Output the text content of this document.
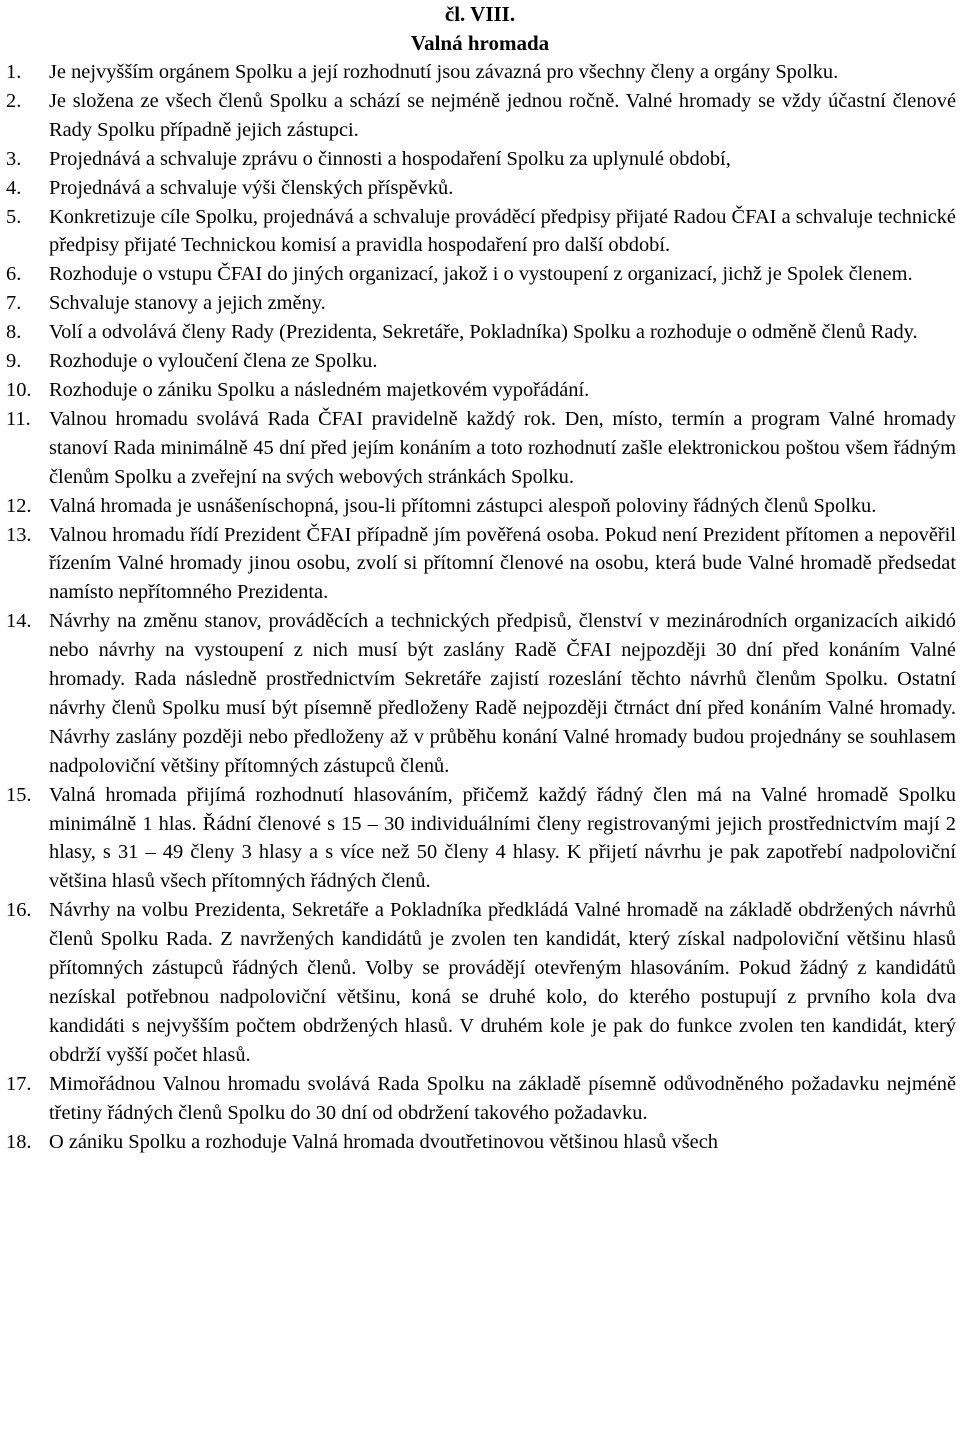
čl. VIII.

Valná hromada

1.	Je nejvyšším orgánem Spolku a její rozhodnutí jsou závazná pro všechny členy a orgány Spolku.
2.	Je složena ze všech členů Spolku a schází se nejméně jednou ročně. Valné hromady se vždy účastní členové Rady Spolku případně jejich zástupci.
3.	Projednává a schvaluje zprávu o činnosti a hospodaření Spolku za uplynulé období,
4.	Projednává a schvaluje výši členských příspěvků.
5.	Konkretizuje cíle Spolku, projednává a schvaluje prováděcí předpisy přijaté Radou ČFAI a schvaluje technické předpisy přijaté Technickou komisí a pravidla hospodaření pro další období.
6.	Rozhoduje o vstupu ČFAI do jiných organizací, jakož i o vystoupení z organizací, jichž je Spolek členem.
7.	Schvaluje stanovy a jejich změny.
8.	Volí a odvolává členy Rady (Prezidenta, Sekretáře, Pokladníka) Spolku a rozhoduje o odměně členů Rady.
9.	Rozhoduje o vyloučení člena ze Spolku.
10. Rozhoduje o zániku Spolku a následném majetkovém vypořádání.
11. Valnou hromadu svolává Rada ČFAI pravidelně každý rok. Den, místo, termín a program Valné hromady stanoví Rada minimálně 45 dní před jejím konáním a toto rozhodnutí zašle elektronickou poštou všem řádným členům Spolku a zveřejní na svých webových stránkách Spolku.
12. Valná hromada je usnášeníschopná, jsou-li přítomni zástupci alespoň poloviny řádných členů Spolku.
13. Valnou hromadu řídí Prezident ČFAI případně jím pověřená osoba. Pokud není Prezident přítomen a nepověřil řízením Valné hromady jinou osobu, zvolí si přítomní členové na osobu, která bude Valné hromadě předsedat namísto nepřítomného Prezidenta.
14. Návrhy na změnu stanov, prováděcích a technických předpisů, členství v mezinárodních organizacích aikidó nebo návrhy na vystoupení z nich musí být zaslány Radě ČFAI nejpozději 30 dní před konáním Valné hromady. Rada následně prostřednictvím Sekretáře zajistí rozeslání těchto návrhů členům Spolku. Ostatní návrhy členů Spolku musí být písemně předloženy Radě nejpozději čtrnáct dní před konáním Valné hromady. Návrhy zaslány později nebo předloženy až v průběhu konání Valné hromady budou projednány se souhlasem nadpoloviční většiny přítomných zástupců členů.
15. Valná hromada přijímá rozhodnutí hlasováním, přičemž každý řádný člen má na Valné hromadě Spolku minimálně 1 hlas. Řádní členové s 15 – 30 individuálními členy registrovanými jejich prostřednictvím mají 2 hlasy, s 31 – 49 členy 3 hlasy a s více než 50 členy 4 hlasy. K přijetí návrhu je pak zapotřebí nadpoloviční většina hlasů všech přítomných řádných členů.
16. Návrhy na volbu Prezidenta, Sekretáře a Pokladníka předkládá Valné hromadě na základě obdržených návrhů členů Spolku Rada. Z navržených kandidátů je zvolen ten kandidát, který získal nadpoloviční většinu hlasů přítomných zástupců řádných členů. Volby se provádějí otevřeným hlasováním. Pokud žádný z kandidátů nezískal potřebnou nadpoloviční většinu, koná se druhé kolo, do kterého postupují z prvního kola dva kandidáti s nejvyšším počtem obdržených hlasů. V druhém kole je pak do funkce zvolen ten kandidát, který obdrží vyšší počet hlasů.
17. Mimořádnou Valnou hromadu svolává Rada Spolku na základě písemně odůvodněného požadavku nejméně třetiny řádných členů Spolku do 30 dní od obdržení takového požadavku.
18. O zániku Spolku a rozhoduje Valná hromada dvoutřetinovou většinou hlasů všech
